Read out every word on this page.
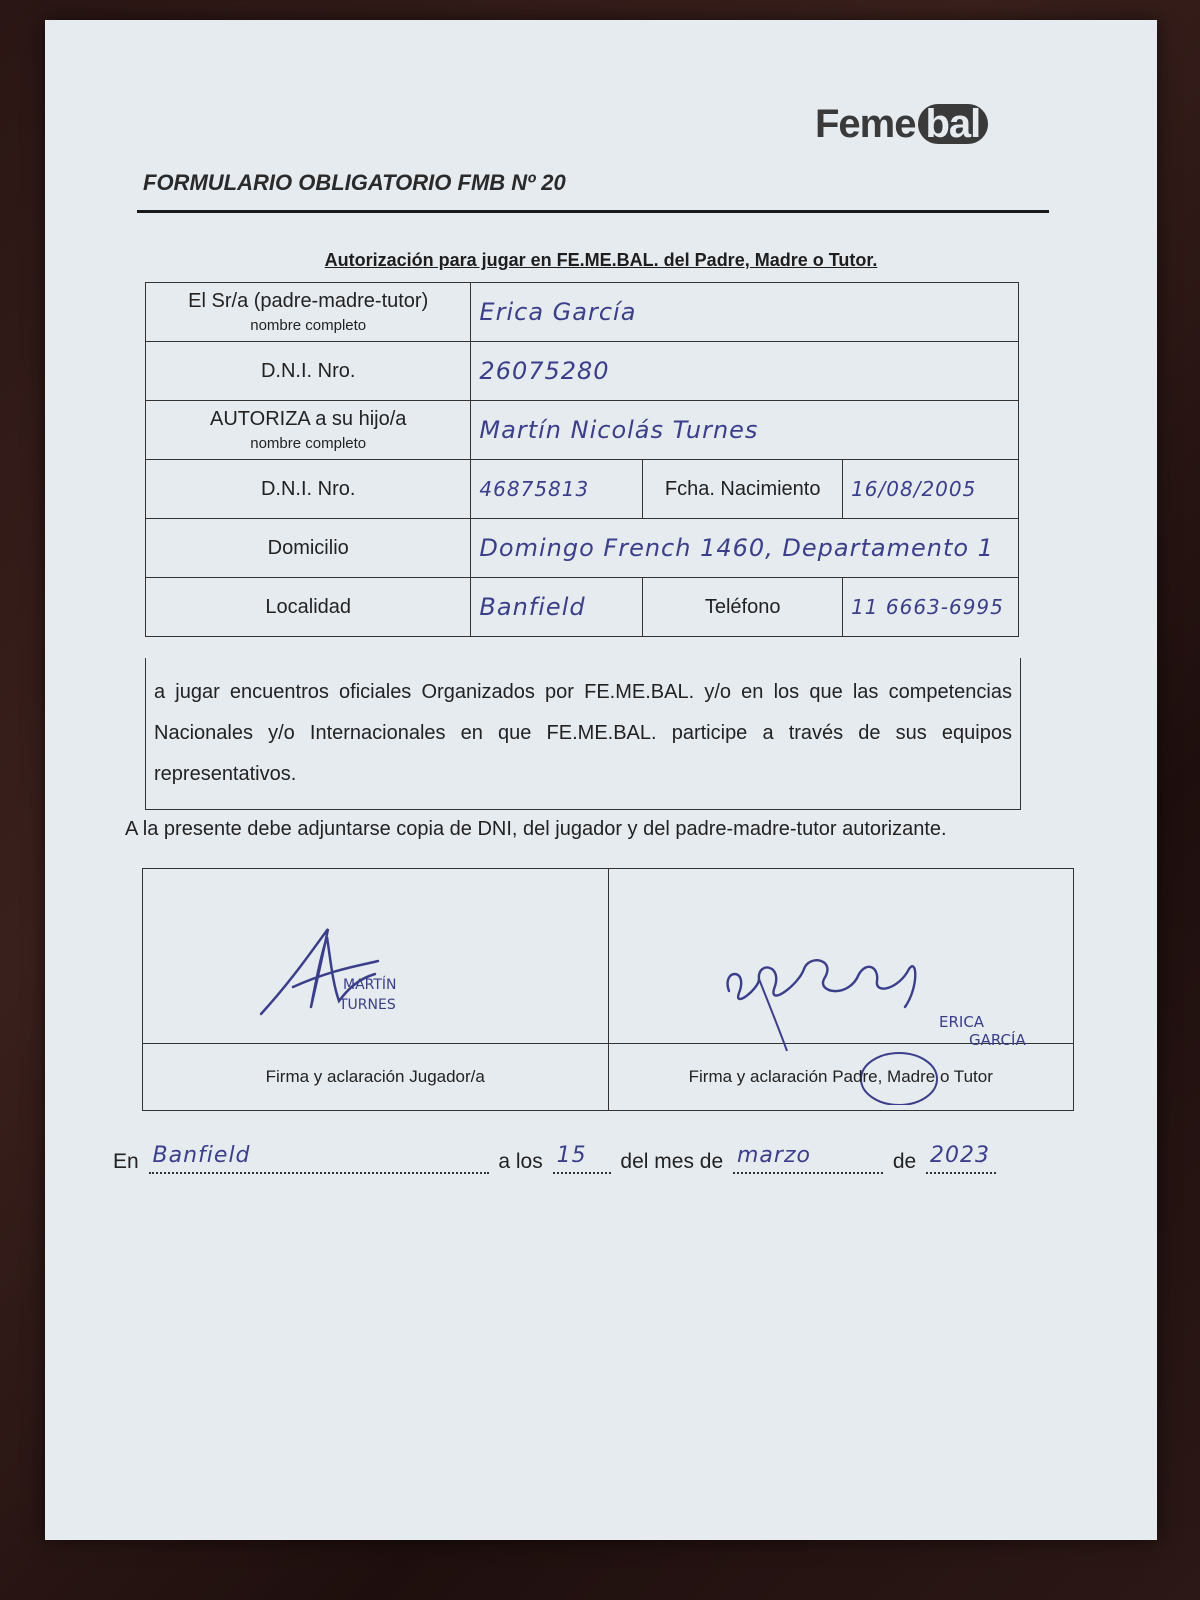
Feme bal
FORMULARIO OBLIGATORIO FMB Nº 20
Autorización para jugar en FE.ME.BAL. del Padre, Madre o Tutor.
El Sr/a (padre-madre-tutor)
nombre completo	Erica García		
D.N.I. Nro.	26075280		
AUTORIZA a su hijo/a
nombre completo	Martín Nicolás Turnes		
D.N.I. Nro.	46875813	Fcha. Nacimiento	16/08/2005
Domicilio	Domingo French 1460, Departamento 1		
Localidad	Banfield	Teléfono	11 6663-6995
a jugar encuentros oficiales Organizados por FE.ME.BAL. y/o en los que las competencias Nacionales y/o Internacionales en que FE.ME.BAL. participe a través de sus equipos representativos.
A la presente debe adjuntarse copia de DNI, del jugador y del padre-madre-tutor autorizante.
MARTÍN
TURNES	ERICA
GARCÍA

Firma y aclaración Jugador/a	Firma y aclaración Padre, Madre o Tutor
En Banfield	a los 15 del mes de marzo	de 2023
